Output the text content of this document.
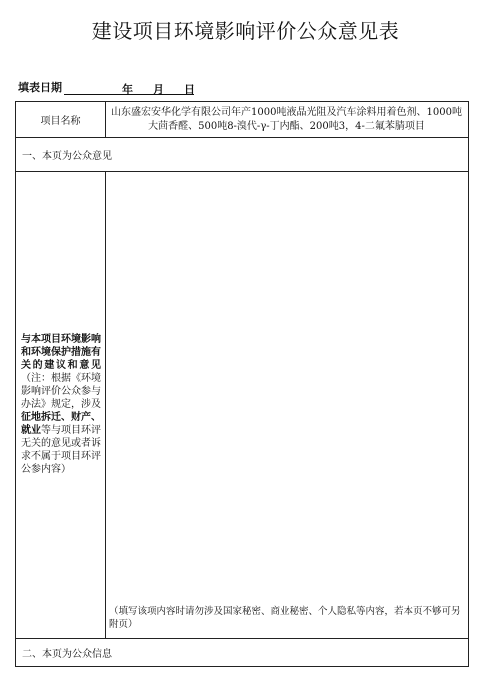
建设项目环境影响评价公众意见表
填表日期	年 月 日
项目名称
山东盛宏安华化学有限公司年产1000吨液晶光阻及汽车涂料用着色剂、1000吨大茴香醛、500吨8-溴代-γ-丁内酯、200吨3，4-二氟苯腈项目
一、本页为公众意见
与本项目环境影响和环境保护措施有关的建议和意见（注：根据《环境影响评价公众参与办法》规定，涉及征地拆迁、财产、就业等与项目环评无关的意见或者诉求不属于项目环评公参内容）
（填写该项内容时请勿涉及国家秘密、商业秘密、个人隐私等内容，若本页不够可另附页）
二、本页为公众信息
